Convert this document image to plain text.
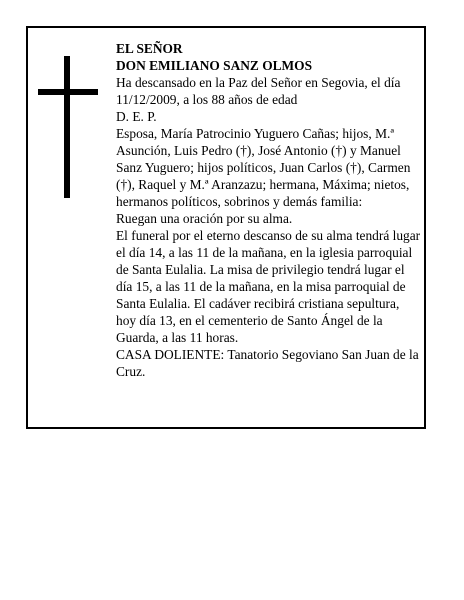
EL SEÑOR

DON EMILIANO SANZ OLMOS

Ha descansado en la Paz del Señor en Segovia, el día 11/12/2009, a los 88 años de edad

D. E. P.

Esposa, María Patrocinio Yuguero Cañas; hijos, M.ª Asunción, Luis Pedro (†), José Antonio (†) y Manuel Sanz Yuguero; hijos políticos, Juan Carlos (†), Carmen (†), Raquel y M.ª Aranzazu; hermana, Máxima; nietos, hermanos políticos, sobrinos y demás familia:

Ruegan una oración por su alma.

El funeral por el eterno descanso de su alma tendrá lugar el día 14, a las 11 de la mañana, en la iglesia parroquial de Santa Eulalia. La misa de privilegio tendrá lugar el día 15, a las 11 de la mañana, en la misa parroquial de Santa Eulalia. El cadáver recibirá cristiana sepultura, hoy día 13, en el cementerio de Santo Ángel de la Guarda, a las 11 horas.

CASA DOLIENTE: Tanatorio Segoviano San Juan de la Cruz.
